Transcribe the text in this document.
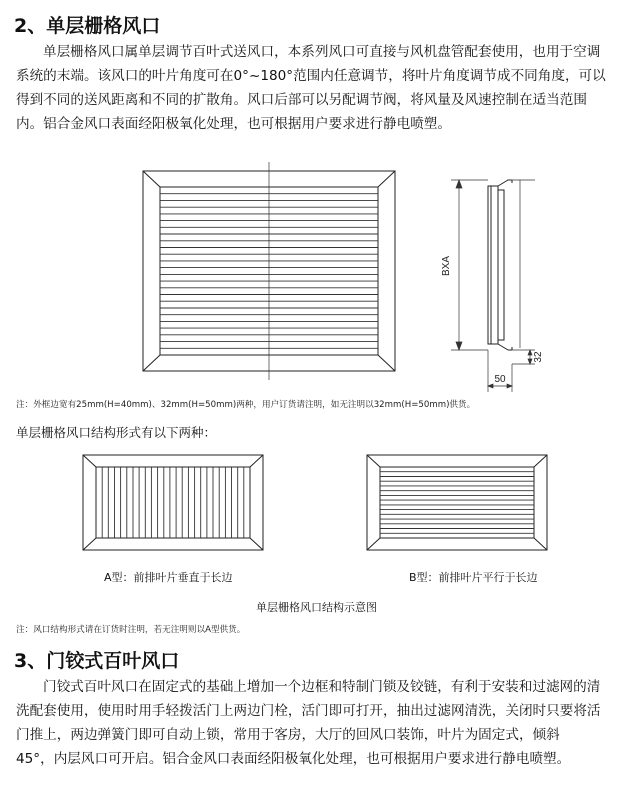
2、单层栅格风口
单层栅格风口属单层调节百叶式送风口，本系列风口可直接与风机盘管配套使用，也用于空调系统的末端。该风口的叶片角度可在0°~180°范围内任意调节，将叶片角度调节成不同角度，可以得到不同的送风距离和不同的扩散角。风口后部可以另配调节阀，将风量及风速控制在适当范围内。铝合金风口表面经阳极氧化处理，也可根据用户要求进行静电喷塑。
BXA
32
50
注：外框边宽有25mm(H=40mm)、32mm(H=50mm)两种，用户订货请注明，如无注明以32mm(H=50mm)供货。
单层栅格风口结构形式有以下两种：
A型：前排叶片垂直于长边	B型：前排叶片平行于长边
单层栅格风口结构示意图
注：风口结构形式请在订货时注明，若无注明则以A型供货。
3、门铰式百叶风口
门铰式百叶风口在固定式的基础上增加一个边框和特制门锁及铰链，有利于安装和过滤网的清洗配套使用，使用时用手轻拨活门上两边门栓，活门即可打开，抽出过滤网清洗，关闭时只要将活门推上，两边弹簧门即可自动上锁，常用于客房，大厅的回风口装饰，叶片为固定式，倾斜　45°，内层风口可开启。铝合金风口表面经阳极氧化处理，也可根据用户要求进行静电喷塑。
